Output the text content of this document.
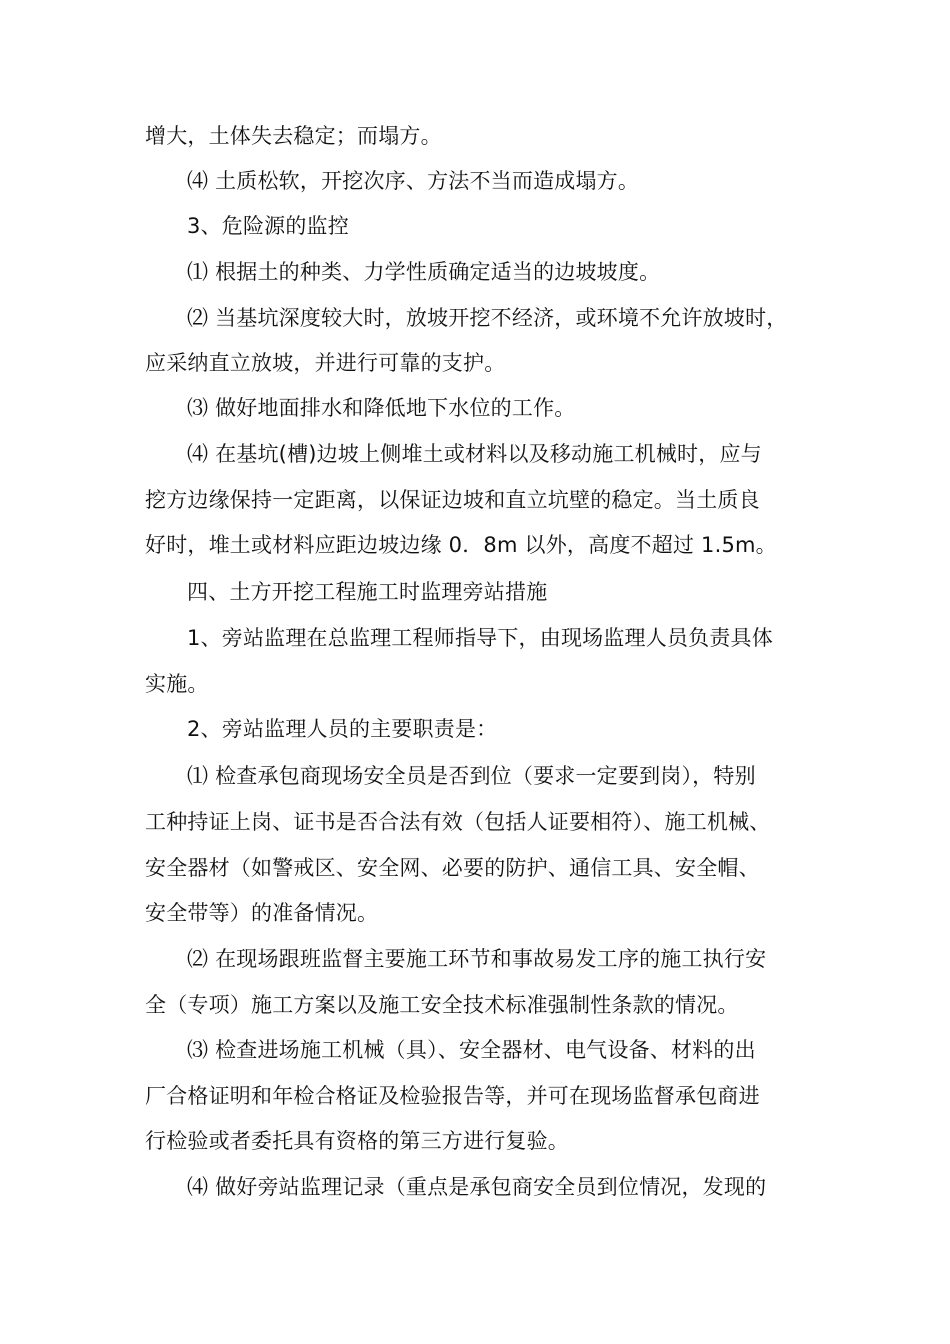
增大，土体失去稳定；而塌方。
⑷ 土质松软，开挖次序、方法不当而造成塌方。
3、危险源的监控
⑴ 根据土的种类、力学性质确定适当的边坡坡度。
⑵ 当基坑深度较大时，放坡开挖不经济，或环境不允许放坡时，
应采纳直立放坡，并进行可靠的支护。
⑶ 做好地面排水和降低地下水位的工作。
⑷ 在基坑(槽)边坡上侧堆土或材料以及移动施工机械时，应与
挖方边缘保持一定距离，以保证边坡和直立坑壁的稳定。当土质良
好时，堆土或材料应距边坡边缘 0．8m 以外，高度不超过 1.5m。
四、土方开挖工程施工时监理旁站措施
1、旁站监理在总监理工程师指导下，由现场监理人员负责具体
实施。
2、旁站监理人员的主要职责是：
⑴ 检查承包商现场安全员是否到位（要求一定要到岗），特别
工种持证上岗、证书是否合法有效（包括人证要相符）、施工机械、
安全器材（如警戒区、安全网、必要的防护、通信工具、安全帽、
安全带等）的准备情况。
⑵ 在现场跟班监督主要施工环节和事故易发工序的施工执行安
全（专项）施工方案以及施工安全技术标准强制性条款的情况。
⑶ 检查进场施工机械（具）、安全器材、电气设备、材料的出
厂合格证明和年检合格证及检验报告等，并可在现场监督承包商进
行检验或者委托具有资格的第三方进行复验。
⑷ 做好旁站监理记录（重点是承包商安全员到位情况，发现的
